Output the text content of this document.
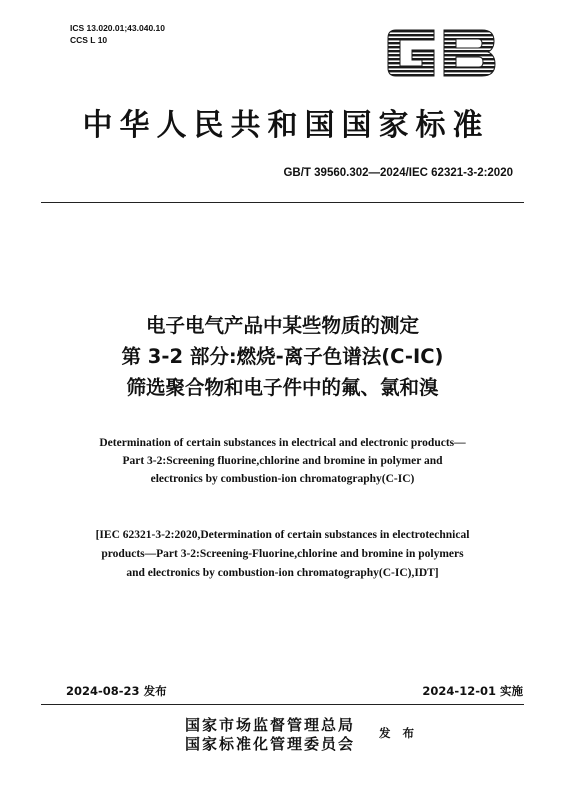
ICS 13.020.01;43.040.10
CCS L 10
中华人民共和国国家标准
GB/T 39560.302—2024/IEC 62321-3-2:2020
电子电气产品中某些物质的测定
第 3-2 部分:燃烧-离子色谱法(C-IC)
筛选聚合物和电子件中的氟、氯和溴
Determination of certain substances in electrical and electronic products—
Part 3-2:Screening fluorine,chlorine and bromine in polymer and
electronics by combustion-ion chromatography(C-IC)
[IEC 62321-3-2:2020,Determination of certain substances in electrotechnical
products—Part 3-2:Screening-Fluorine,chlorine and bromine in polymers
and electronics by combustion-ion chromatography(C-IC),IDT]
2024-08-23 发布	2024-12-01 实施
国家市场监督管理总局
国家标准化管理委员会
发 布
